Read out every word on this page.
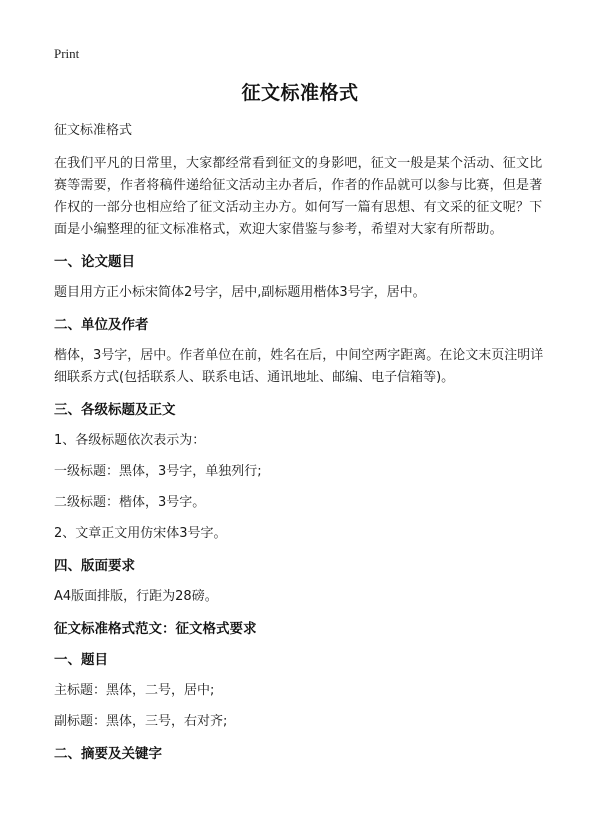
Print
征文标准格式

征文标准格式

在我们平凡的日常里，大家都经常看到征文的身影吧，征文一般是某个活动、征文比赛等需要，作者将稿件递给征文活动主办者后，作者的作品就可以参与比赛，但是著作权的一部分也相应给了征文活动主办方。如何写一篇有思想、有文采的征文呢？下面是小编整理的征文标准格式，欢迎大家借鉴与参考，希望对大家有所帮助。

一、论文题目

题目用方正小标宋简体2号字，居中,副标题用楷体3号字，居中。

二、单位及作者

楷体，3号字，居中。作者单位在前，姓名在后，中间空两字距离。在论文末页注明详细联系方式(包括联系人、联系电话、通讯地址、邮编、电子信箱等)。

三、各级标题及正文

1、各级标题依次表示为：

一级标题：黑体，3号字，单独列行;

二级标题：楷体，3号字。

2、文章正文用仿宋体3号字。

四、版面要求

A4版面排版，行距为28磅。

征文标准格式范文：征文格式要求

一、题目

主标题：黑体，二号，居中;

副标题：黑体，三号，右对齐;

二、摘要及关键字
